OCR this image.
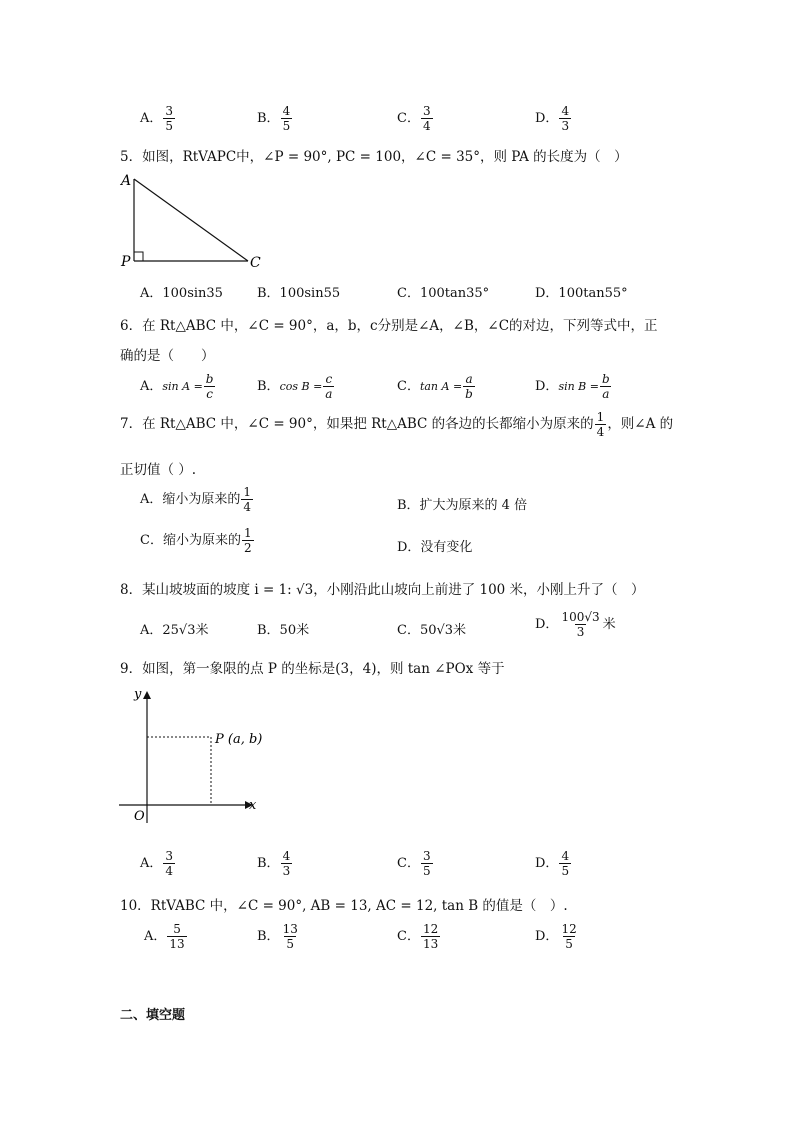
A． $\frac{3}{5}$	B． $\frac{4}{5}$	C． $\frac{3}{4}$	D． $\frac{4}{3}$
5．如图，RtVAPC中，∠P = 90°, PC = 100，∠C = 35°，则 PA 的长度为（　）
A
P	C
A．100sin35	B．100sin55	C．100tan35°	D．100tan55°
6．在 Rt△ABC 中，∠C = 90°，a，b，c分别是∠A，∠B，∠C的对边，下列等式中，正
确的是（　　）
A．$\sin A = \frac{b}{c}$	B．$\cos B = \frac{c}{a}$	C．$\tan A = \frac{a}{b}$	D．$\sin B = \frac{b}{a}$
7．在 Rt△ABC 中，∠C = 90°，如果把 Rt△ABC 的各边的长都缩小为原来的 $\frac{1}{4}$ ，则∠A 的
正切值（ ）.
A．缩小为原来的 $\frac{1}{4}$	B．扩大为原来的 4 倍
C．缩小为原来的 $\frac{1}{2}$	D．没有变化
8．某山坡坡面的坡度 i = 1: √3，小刚沿此山坡向上前进了 100 米，小刚上升了（　）
A．25√3米	B．50米	C．50√3米	D． $\frac{100√3}{3}$ 米
9．如图，第一象限的点 P 的坐标是(3，4)，则 tan ∠POx 等于
y
x
O
P (a, b)
A． $\frac{3}{4}$	B． $\frac{4}{3}$	C． $\frac{3}{5}$	D． $\frac{4}{5}$
10．RtVABC 中，∠C = 90°, AB = 13, AC = 12, tan B 的值是（　）.
A． $\frac{5}{13}$	B． $\frac{13}{5}$	C． $\frac{12}{13}$	D． $\frac{12}{5}$
二、填空题
